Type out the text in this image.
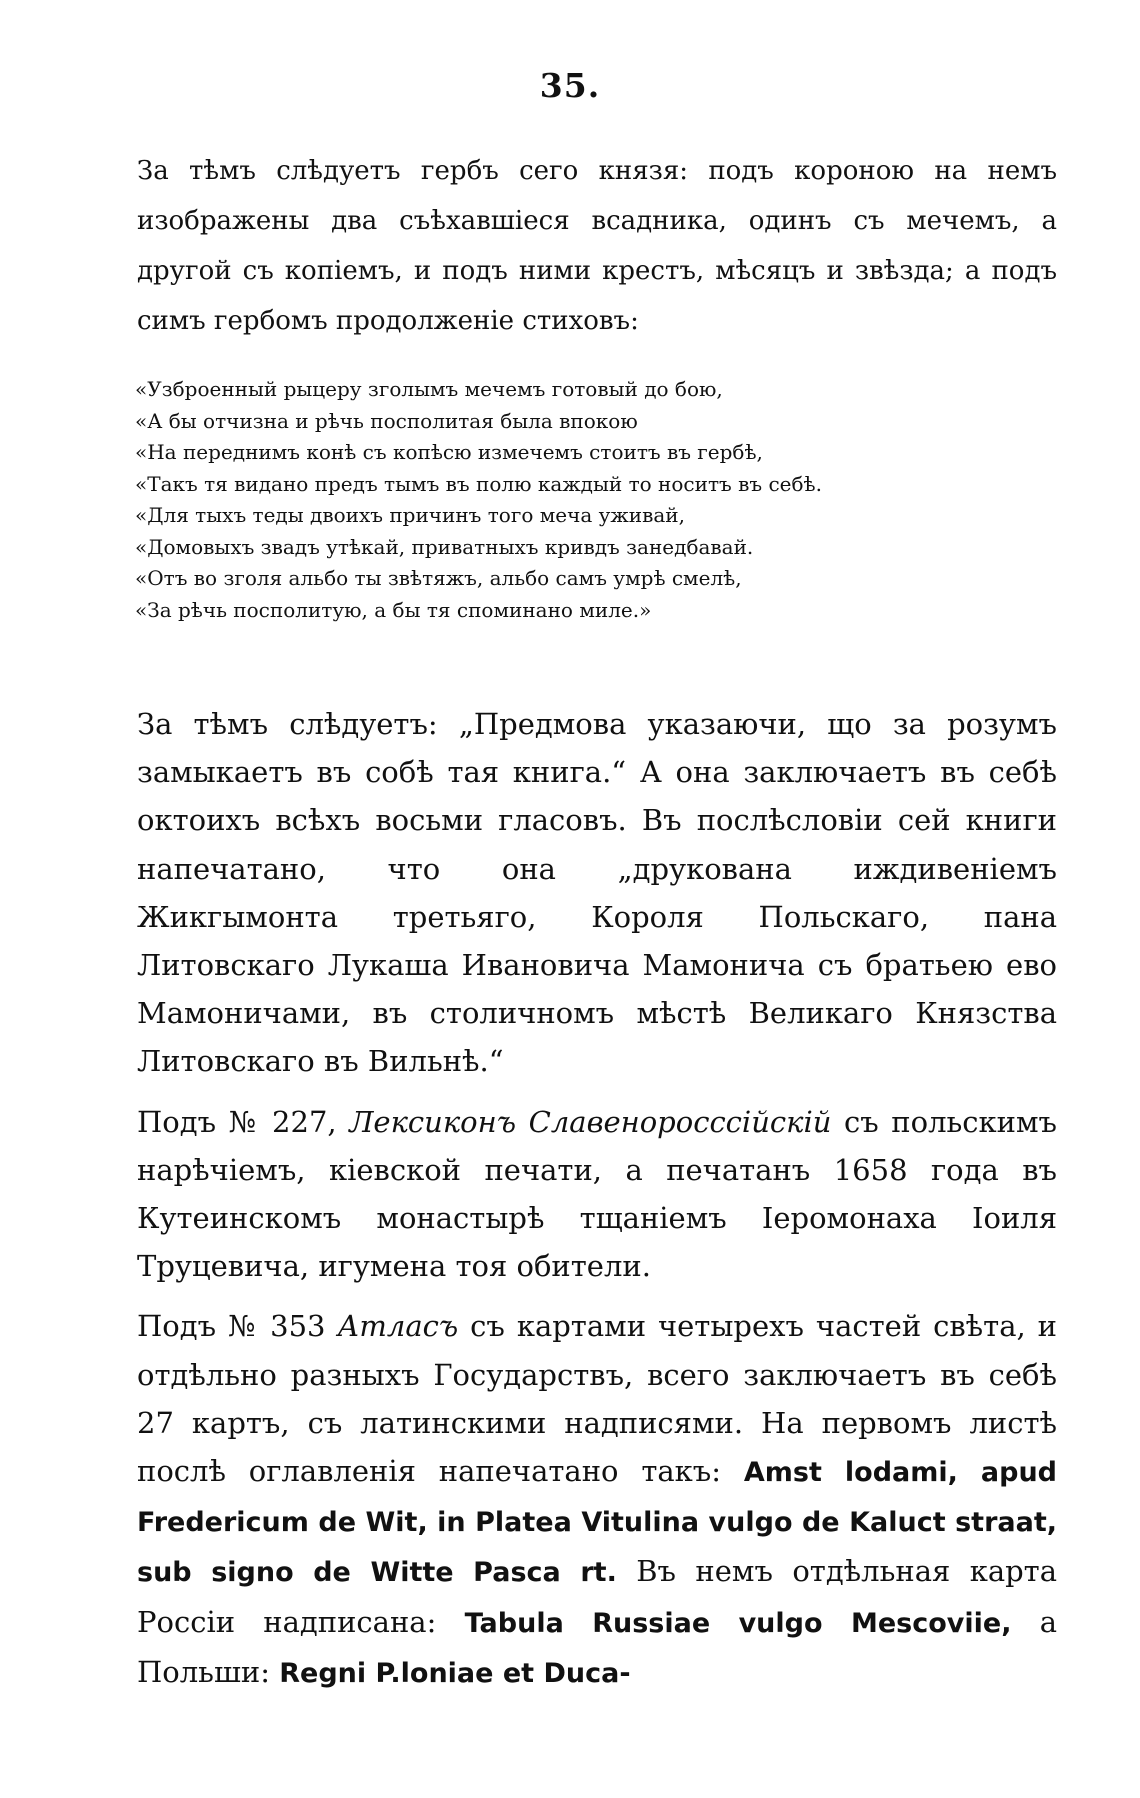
35.

За тѣмъ слѣдуетъ гербъ сего князя: подъ короною на немъ изображены два съѣхавшіеся всадника, одинъ съ мечемъ, а другой съ копіемъ, и подъ ними крестъ, мѣсяцъ и звѣзда; а подъ симъ гербомъ продолженіе стиховъ:

«Узброенный рыцеру зголымъ мечемъ готовый до бою,
«А бы отчизна и рѣчь посполитая была впокою
«На переднимъ конѣ съ копѣсю измечемъ стоитъ въ гербѣ,
«Такъ тя видано предъ тымъ въ полю каждый то носитъ въ себѣ.
«Для тыхъ теды двоихъ причинъ того меча уживай,
«Домовыхъ звадъ утѣкай, приватныхъ кривдъ занедбавай.
«Отъ во зголя альбо ты звѣтяжъ, альбо самъ умрѣ смелѣ,
«За рѣчь посполитую, а бы тя споминано миле.»

За тѣмъ слѣдуетъ: „Предмова указаючи, що за розумъ замыкаетъ въ собѣ тая книга.“ А она заключаетъ въ себѣ октоихъ всѣхъ восьми гласовъ. Въ послѣсловіи сей книги напечатано, что она „друкована иждивеніемъ Жикгымонта третьяго, Короля Польскаго, пана Литовскаго Лукаша Ивановича Мамонича съ братьею ево Мамоничами, въ столичномъ мѣстѣ Великаго Князства Литовскаго въ Вильнѣ.“

Подъ № 227, Лексиконъ Славеноросссійскій съ польскимъ нарѣчіемъ, кіевской печати, а печатанъ 1658 года въ Кутеинскомъ монастырѣ тщаніемъ Іеромонаха Іоиля Труцевича, игумена тоя обители.

Подъ № 353 Атласъ съ картами четырехъ частей свѣта, и отдѣльно разныхъ Государствъ, всего заключаетъ въ себѣ 27 картъ, съ латинскими надписями. На первомъ листѣ послѣ оглавленія напечатано такъ: Amst lodami, apud Fredericum de Wit, in Platea Vitulina vulgo de Kaluct straat, sub signo de Witte Pasca rt. Въ немъ отдѣльная карта Россіи надписана: Tabula Russiae vulgo Mescoviie, а Польши: Regni P.loniae et Duca-
